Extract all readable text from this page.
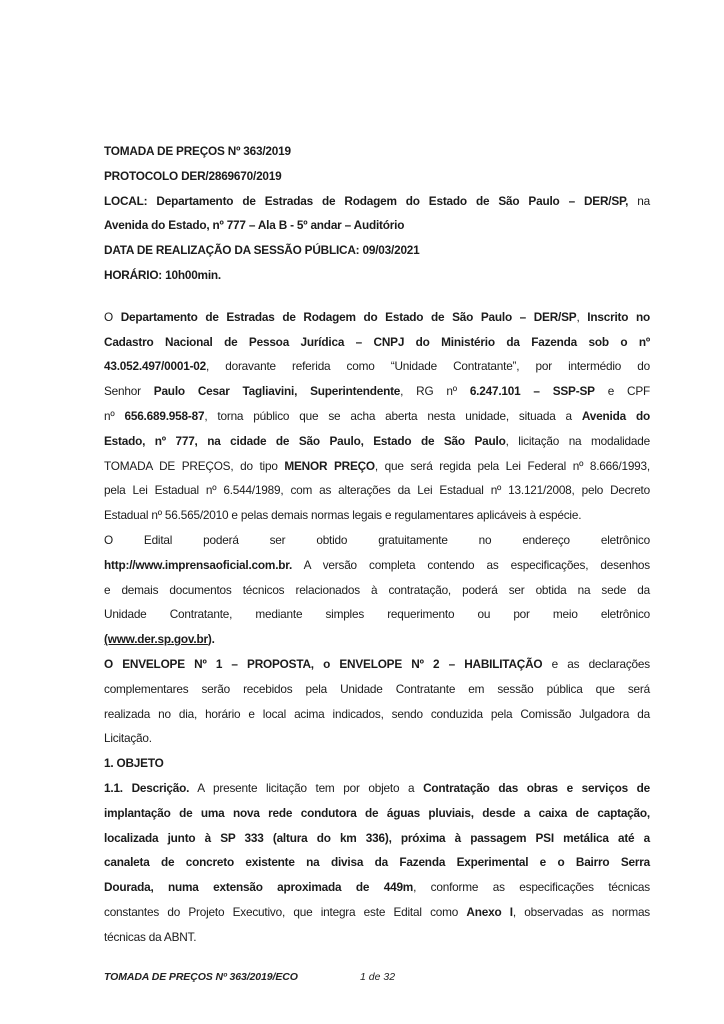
TOMADA DE PREÇOS Nº 363/2019
PROTOCOLO DER/2869670/2019
LOCAL: Departamento de Estradas de Rodagem do Estado de São Paulo – DER/SP, na
Avenida do Estado, nº 777 – Ala B - 5º andar – Auditório
DATA DE REALIZAÇÃO DA SESSÃO PÚBLICA: 09/03/2021
HORÁRIO: 10h00min.
O Departamento de Estradas de Rodagem do Estado de São Paulo – DER/SP, Inscrito no
Cadastro Nacional de Pessoa Jurídica – CNPJ do Ministério da Fazenda sob o nº
43.052.497/0001-02, doravante referida como “Unidade Contratante”, por intermédio do
Senhor Paulo Cesar Tagliavini, Superintendente, RG nº 6.247.101 – SSP-SP e CPF
nº 656.689.958-87, torna público que se acha aberta nesta unidade, situada a Avenida do
Estado, nº 777, na cidade de São Paulo, Estado de São Paulo, licitação na modalidade
TOMADA DE PREÇOS, do tipo MENOR PREÇO, que será regida pela Lei Federal nº 8.666/1993,
pela Lei Estadual nº 6.544/1989, com as alterações da Lei Estadual nº 13.121/2008, pelo Decreto
Estadual nº 56.565/2010 e pelas demais normas legais e regulamentares aplicáveis à espécie.
O Edital poderá ser obtido gratuitamente no endereço eletrônico
http://www.imprensaoficial.com.br. A versão completa contendo as especificações, desenhos
e demais documentos técnicos relacionados à contratação, poderá ser obtida na sede da
Unidade Contratante, mediante simples requerimento ou por meio eletrônico
(www.der.sp.gov.br).
O ENVELOPE Nº 1 – PROPOSTA, o ENVELOPE Nº 2 – HABILITAÇÃO e as declarações
complementares serão recebidos pela Unidade Contratante em sessão pública que será
realizada no dia, horário e local acima indicados, sendo conduzida pela Comissão Julgadora da
Licitação.
1. OBJETO
1.1. Descrição. A presente licitação tem por objeto a Contratação das obras e serviços de
implantação de uma nova rede condutora de águas pluviais, desde a caixa de captação,
localizada junto à SP 333 (altura do km 336), próxima à passagem PSI metálica até a
canaleta de concreto existente na divisa da Fazenda Experimental e o Bairro Serra
Dourada, numa extensão aproximada de 449m, conforme as especificações técnicas
constantes do Projeto Executivo, que integra este Edital como Anexo I, observadas as normas
técnicas da ABNT.
TOMADA DE PREÇOS Nº 363/2019/ECO	1 de 32
